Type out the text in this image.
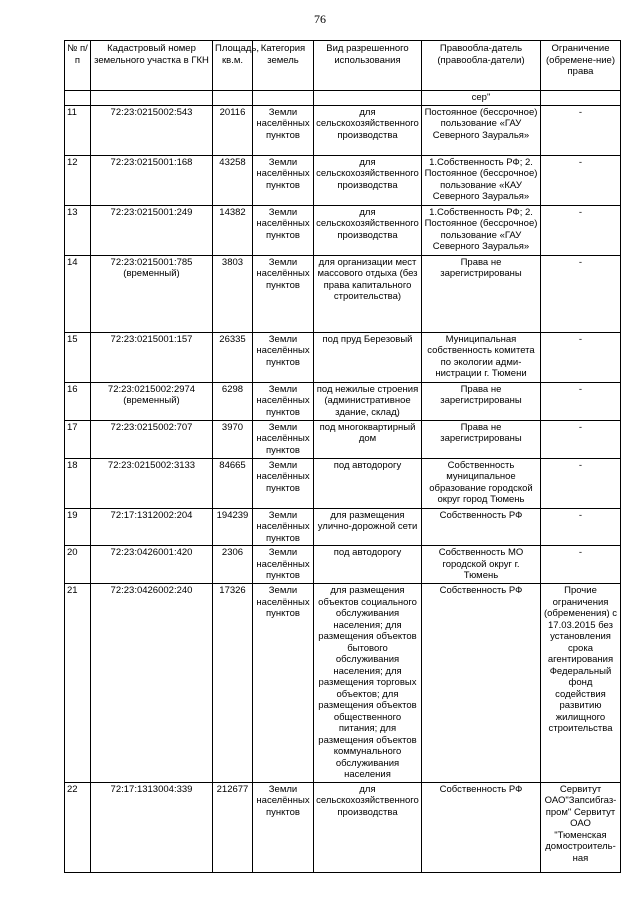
76
№ п/п	Кадастровый номер земельного участка в ГКН	Площадь, кв.м.	Категория земель	Вид разрешенного использования	Правообла-датель (правообла-датели)	Ограничение (обремене-ние) права
					сер"	
11	72:23:0215002:543	20116	Земли населённых пунктов	для сельскохозяйственного производства	Постоянное (бессрочное) пользование «ГАУ Северного Зауралья»	-
12	72:23:0215001:168	43258	Земли населённых пунктов	для сельскохозяйственного производства	1.Собственность РФ; 2. Постоянное (бессрочное) пользование «КАУ Северного Зауралья»	-
13	72:23:0215001:249	14382	Земли населённых пунктов	для сельскохозяйственного производства	1.Собственность РФ; 2. Постоянное (бессрочное) пользование «ГАУ Северного Зауралья»	-
14	72:23:0215001:785 (временный)	3803	Земли населённых пунктов	для организации мест массового отдыха (без права капитального строительства)	Права не зарегистрированы	-
15	72:23:0215001:157	26335	Земли населённых пунктов	под пруд Березовый	Муниципальная собственность комитета по экологии адми-нистрации г. Тюмени	-
16	72:23:0215002:2974 (временный)	6298	Земли населённых пунктов	под нежилые строения (административное здание, склад)	Права не зарегистрированы	-
17	72:23:0215002:707	3970	Земли населённых пунктов	под многоквартирный дом	Права не зарегистрированы	-
18	72:23:0215002:3133	84665	Земли населённых пунктов	под автодорогу	Собственность муниципальное образование городской округ город Тюмень	-
19	72:17:1312002:204	194239	Земли населённых пунктов	для размещения улично-дорожной сети	Собственность РФ	-
20	72:23:0426001:420	2306	Земли населённых пунктов	под автодорогу	Собственность МО городской округ г. Тюмень	-
21	72:23:0426002:240	17326	Земли населённых пунктов	для размещения объектов социального обслуживания населения; для размещения объектов бытового обслуживания населения; для размещения торговых объектов; для размещения объектов общественного питания; для размещения объектов коммунального обслуживания населения	Собственность РФ	Прочие ограничения (обременения) с 17.03.2015 без установления срока агентирования Федеральный фонд содействия развитию жилищного строительства
22	72:17:1313004:339	212677	Земли населённых пунктов	для сельскохозяйственного производства	Собственность РФ	Сервитут ОАО"Запсибгаз-пром" Сервитут ОАО "Тюменская домостроитель-ная
